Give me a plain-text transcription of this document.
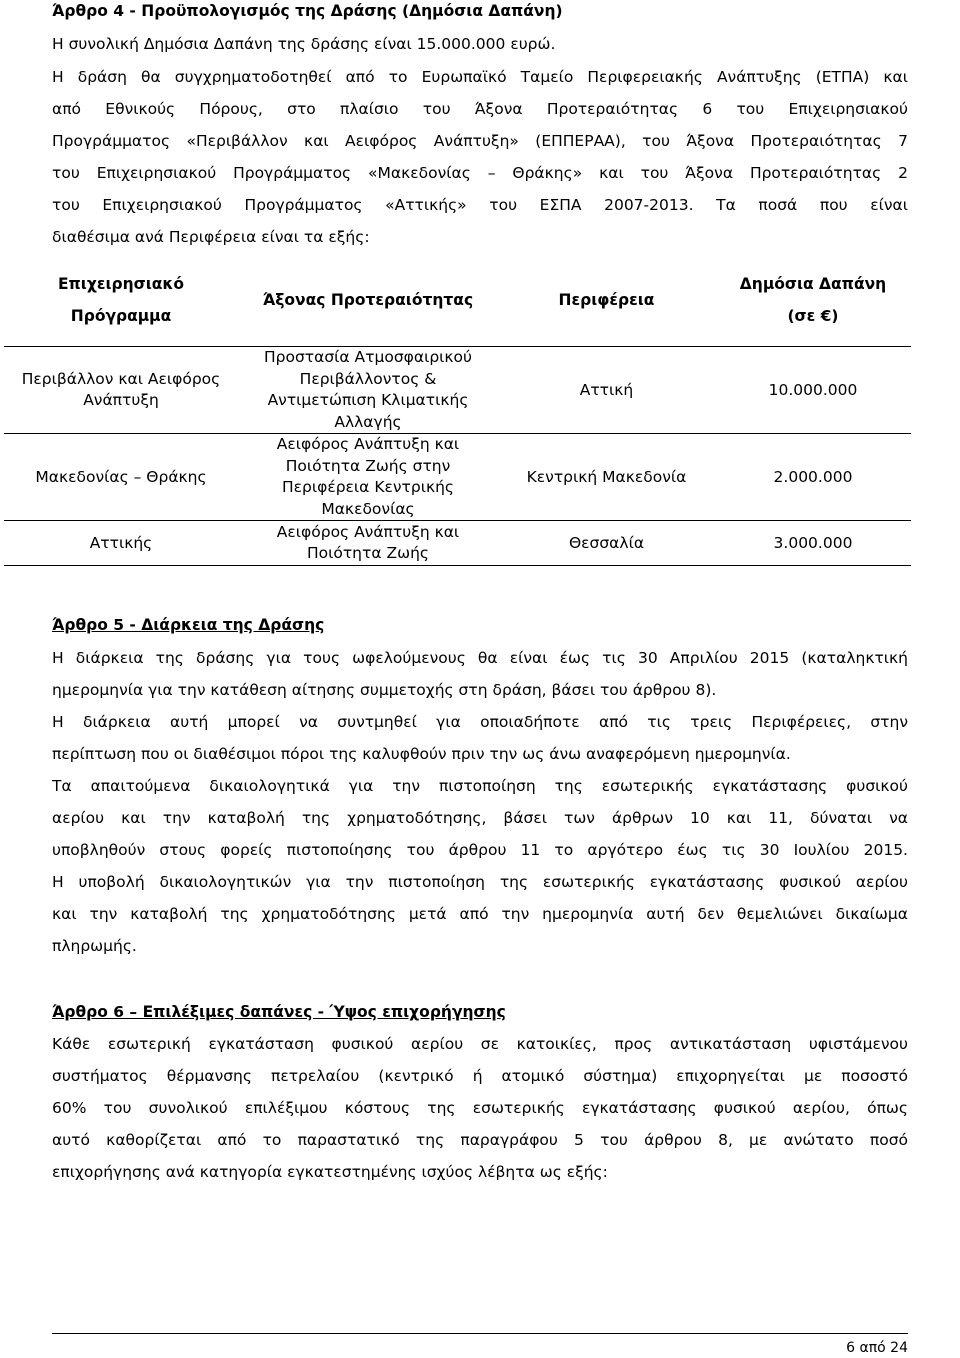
Άρθρο 4 - Προϋπολογισμός της Δράσης (Δημόσια Δαπάνη)
Η συνολική Δημόσια Δαπάνη της δράσης είναι 15.000.000 ευρώ.
Η δράση θα συγχρηματοδοτηθεί από το Ευρωπαϊκό Ταμείο Περιφερειακής Ανάπτυξης (ΕΤΠΑ) και
από Εθνικούς Πόρους, στο πλαίσιο του Άξονα Προτεραιότητας 6 του Επιχειρησιακού
Προγράμματος «Περιβάλλον και Αειφόρος Ανάπτυξη» (ΕΠΠΕΡΑΑ), του Άξονα Προτεραιότητας 7
του Επιχειρησιακού Προγράμματος «Μακεδονίας – Θράκης» και του Άξονα Προτεραιότητας 2
του Επιχειρησιακού Προγράμματος «Αττικής» του ΕΣΠΑ 2007-2013. Τα ποσά που είναι
διαθέσιμα ανά Περιφέρεια είναι τα εξής:
Επιχειρησιακό
Πρόγραμμα	Άξονας Προτεραιότητας	Περιφέρεια	Δημόσια Δαπάνη
(σε €)
Περιβάλλον και Αειφόρος Ανάπτυξη	Προστασία Ατμοσφαιρικού Περιβάλλοντος & Αντιμετώπιση Κλιματικής Αλλαγής	Αττική	10.000.000
Μακεδονίας – Θράκης	Αειφόρος Ανάπτυξη και Ποιότητα Ζωής στην Περιφέρεια Κεντρικής Μακεδονίας	Κεντρική Μακεδονία	2.000.000
Αττικής	Αειφόρος Ανάπτυξη και Ποιότητα Ζωής	Θεσσαλία	3.000.000
Άρθρο 5 - Διάρκεια της Δράσης
Η διάρκεια της δράσης για τους ωφελούμενους θα είναι έως τις 30 Απριλίου 2015 (καταληκτική
ημερομηνία για την κατάθεση αίτησης συμμετοχής στη δράση, βάσει του άρθρου 8).
Η διάρκεια αυτή μπορεί να συντμηθεί για οποιαδήποτε από τις τρεις Περιφέρειες, στην
περίπτωση που οι διαθέσιμοι πόροι της καλυφθούν πριν την ως άνω αναφερόμενη ημερομηνία.
Τα απαιτούμενα δικαιολογητικά για την πιστοποίηση της εσωτερικής εγκατάστασης φυσικού
αερίου και την καταβολή της χρηματοδότησης, βάσει των άρθρων 10 και 11, δύναται να
υποβληθούν στους φορείς πιστοποίησης του άρθρου 11 το αργότερο έως τις 30 Ιουλίου 2015.
Η υποβολή δικαιολογητικών για την πιστοποίηση της εσωτερικής εγκατάστασης φυσικού αερίου
και την καταβολή της χρηματοδότησης μετά από την ημερομηνία αυτή δεν θεμελιώνει δικαίωμα
πληρωμής.
Άρθρο 6 – Επιλέξιμες δαπάνες - Ύψος επιχορήγησης
Κάθε εσωτερική εγκατάσταση φυσικού αερίου σε κατοικίες, προς αντικατάσταση υφιστάμενου
συστήματος θέρμανσης πετρελαίου (κεντρικό ή ατομικό σύστημα) επιχορηγείται με ποσοστό
60% του συνολικού επιλέξιμου κόστους της εσωτερικής εγκατάστασης φυσικού αερίου, όπως
αυτό καθορίζεται από το παραστατικό της παραγράφου 5 του άρθρου 8, με ανώτατο ποσό
επιχορήγησης ανά κατηγορία εγκατεστημένης ισχύος λέβητα ως εξής:
6 από 24
